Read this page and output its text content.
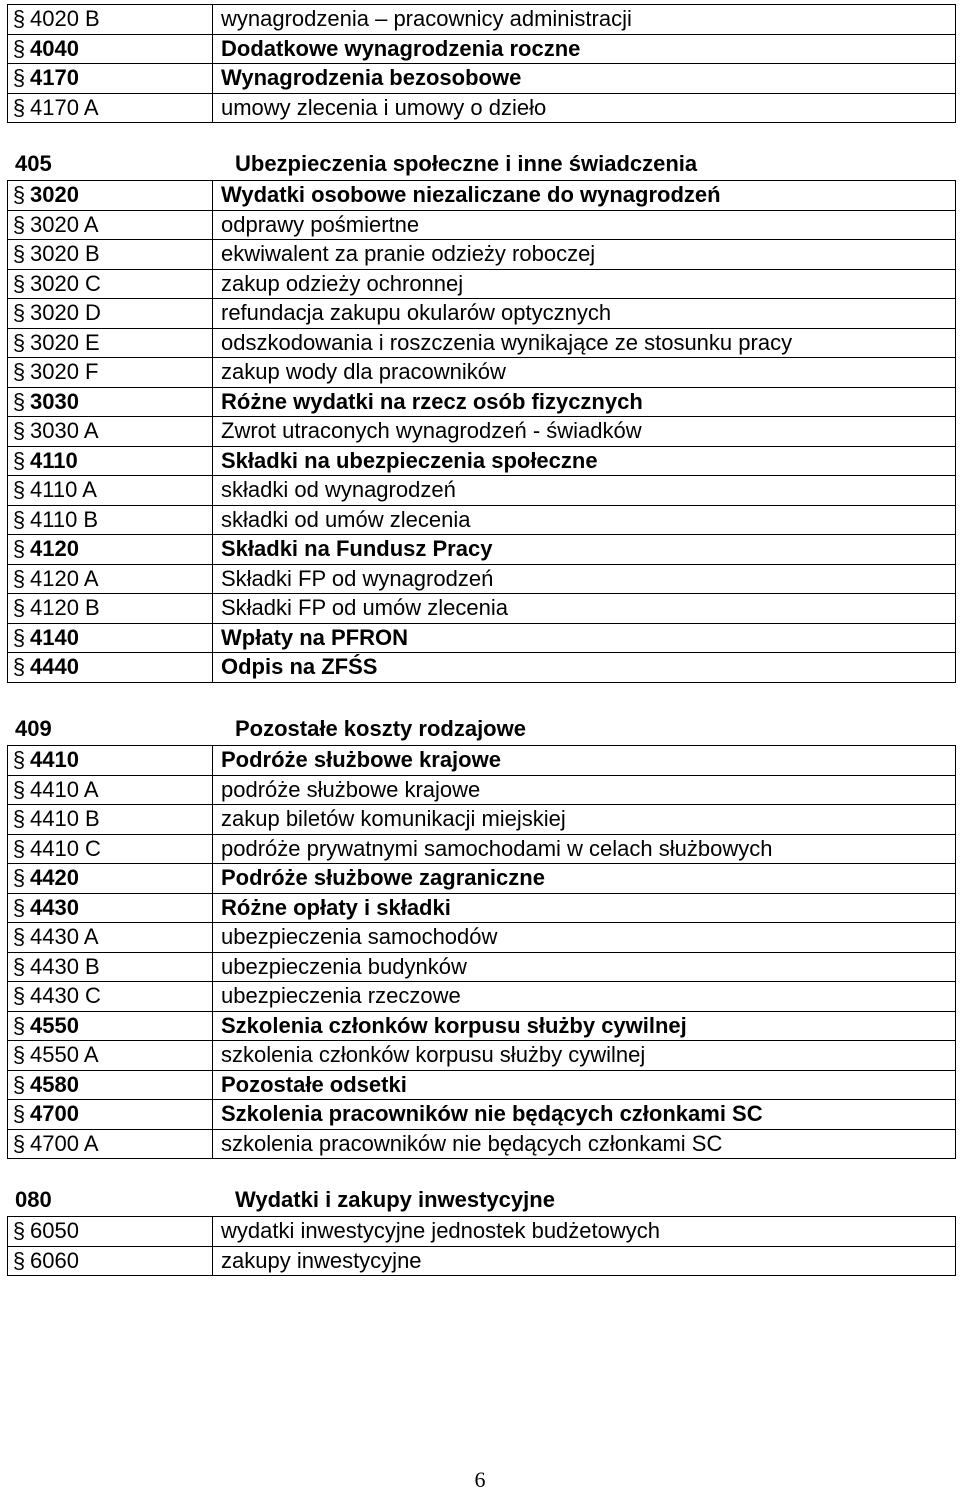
§ 4020 B	wynagrodzenia – pracownicy administracji
§ 4040	Dodatkowe wynagrodzenia roczne
§ 4170	Wynagrodzenia bezosobowe
§ 4170 A	umowy zlecenia i umowy o dzieło
405	Ubezpieczenia społeczne i inne świadczenia
§ 3020	Wydatki osobowe niezaliczane do wynagrodzeń
§ 3020 A	odprawy pośmiertne
§ 3020 B	ekwiwalent za pranie odzieży roboczej
§ 3020 C	zakup odzieży ochronnej
§ 3020 D	refundacja zakupu okularów optycznych
§ 3020 E	odszkodowania i roszczenia wynikające ze stosunku pracy
§ 3020 F	zakup wody dla pracowników
§ 3030	Różne wydatki na rzecz osób fizycznych
§ 3030 A	Zwrot utraconych wynagrodzeń - świadków
§ 4110	Składki na ubezpieczenia społeczne
§ 4110 A	składki od wynagrodzeń
§ 4110 B	składki od umów zlecenia
§ 4120	Składki na Fundusz Pracy
§ 4120 A	Składki FP od wynagrodzeń
§ 4120 B	Składki FP od umów zlecenia
§ 4140	Wpłaty na PFRON
§ 4440	Odpis na ZFŚS
409	Pozostałe koszty rodzajowe
§ 4410	Podróże służbowe krajowe
§ 4410 A	podróże służbowe krajowe
§ 4410 B	zakup biletów komunikacji miejskiej
§ 4410 C	podróże prywatnymi samochodami w celach służbowych
§ 4420	Podróże służbowe zagraniczne
§ 4430	Różne opłaty i składki
§ 4430 A	ubezpieczenia samochodów
§ 4430 B	ubezpieczenia budynków
§ 4430 C	ubezpieczenia rzeczowe
§ 4550	Szkolenia członków korpusu służby cywilnej
§ 4550 A	szkolenia członków korpusu służby cywilnej
§ 4580	Pozostałe odsetki
§ 4700	Szkolenia pracowników nie będących członkami SC
§ 4700 A	szkolenia pracowników nie będących członkami SC
080	Wydatki i zakupy inwestycyjne
§ 6050	wydatki inwestycyjne jednostek budżetowych
§ 6060	zakupy inwestycyjne
6
